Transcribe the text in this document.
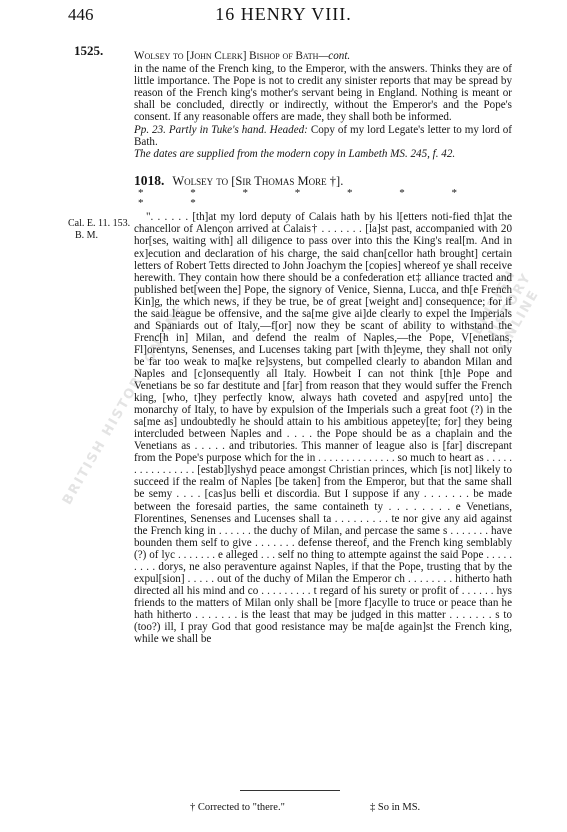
BRITISH HISTORY ONLINE	BRITISH HISTORY ONLINE
446	16 HENRY VIII.
1525.	Wolsey to [John Clerk] Bishop of Bath—cont.

in the name of the French king, to the Emperor, with the answers. Thinks they are of little importance. The Pope is not to credit any sinister reports that may be spread by reason of the French king's mother's servant being in England. Nothing is meant or shall be concluded, directly or indirectly, without the Emperor's and the Pope's consent. If any reasonable offers are made, they shall both be informed.

Pp. 23. Partly in Tuke's hand. Headed: Copy of my lord Legate's letter to my lord of Bath.
The dates are supplied from the modern copy in Lambeth MS. 245, f. 42.
1018. Wolsey to [Sir Thomas More †].
* * * * * * * * *

". . . . . . [th]at my lord deputy of Calais hath by his l[etters noti-fied th]at the chancellor of Alençon arrived at Calais† . . . . . . . [la]st past, accompanied with 20 hor[ses, waiting with] all diligence to pass over into this the King's real[m. And in ex]ecution and declaration of his charge, the said chan[cellor hath brought] certain letters of Robert Tetts directed to John Joachym the [copies] whereof ye shall receive herewith. They contain how there should be a confederation et‡ alliance tracted and published bet[ween the] Pope, the signory of Venice, Sienna, Lucca, and th[e French Kin]g, the which news, if they be true, be of great [weight and] consequence; for if the said league be offensive, and the sa[me give ai]de clearly to expel the Imperials and Spaniards out of Italy,—f[or] now they be scant of ability to withstand the Frenc[h in] Milan, and defend the realm of Naples,—the Pope, V[enetians, Fl]orentyns, Senenses, and Lucenses taking part [with th]eyme, they shall not only be far too weak to ma[ke re]systens, but compelled clearly to abandon Milan and Naples and [c]onsequently all Italy. Howbeit I can not think [th]e Pope and Venetians be so far destitute and [far] from reason that they would suffer the French king, [who, t]hey perfectly know, always hath coveted and aspy[red unto] the monarchy of Italy, to have by expulsion of the Imperials such a great foot (?) in the sa[me as] undoubtedly he should attain to his ambitious appetey[te; for] they being intercluded between Naples and . . . . the Pope should be as a chaplain and the Venetians as . . . . . and tributories. This manner of league also is [far] discrepant from the Pope's purpose which for the in . . . . . . . . . . . . . . so much to heart as . . . . . . . . . . . . . . . . [estab]lyshyd peace amongst Christian princes, which [is not] likely to succeed if the realm of Naples [be taken] from the Emperor, but that the same shall be semy . . . . [cas]us belli et discordia. But I suppose if any . . . . . . . be made between the foresaid parties, the same containeth ty . . . . . . . . e Venetians, Florentines, Senenses and Lucenses shall ta . . . . . . . . . te nor give any aid against the French king in . . . . . . the duchy of Milan, and percase the same s . . . . . . . have bounden them self to give . . . . . . . defense thereof, and the French king semblably (?) of lyc . . . . . . . e alleged . . . self no thing to attempte against the said Pope . . . . . . . . . dorys, ne also peraventure against Naples, if that the Pope, trusting that by the expul[sion] . . . . . out of the duchy of Milan the Emperor ch . . . . . . . . hitherto hath directed all his mind and co . . . . . . . . . t regard of his surety or profit of . . . . . . hys friends to the matters of Milan only shall be [more f]acylle to truce or peace than he hath hitherto . . . . . . . is the least that may be judged in this matter . . . . . . . s to (too?) ill, I pray God that good resistance may be ma[de again]st the French king, while we shall be

Cal. E. 11. 153.
B. M.
† Corrected to "there."	‡ So in MS.
